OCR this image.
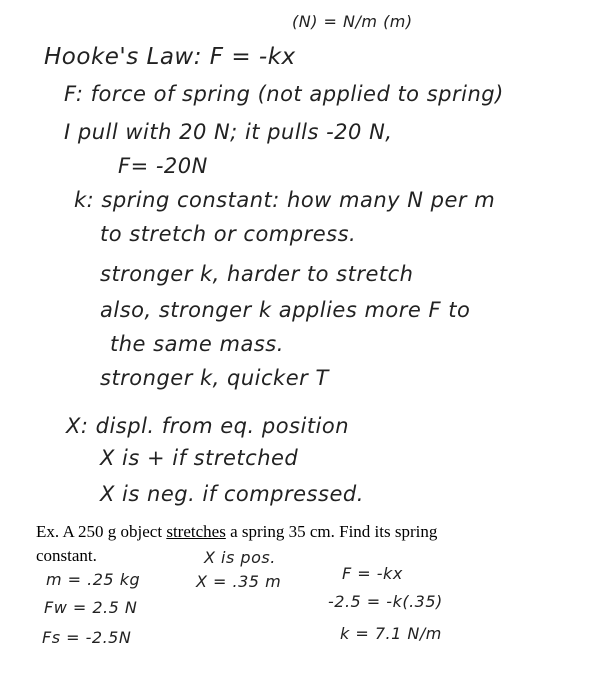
(N) = N/m (m)
Hooke's Law: F = -kx
F: force of spring (not applied to spring)
I pull with 20 N; it pulls -20 N,
F= -20N
k: spring constant: how many N per m
to stretch or compress.
stronger k, harder to stretch
also, stronger k applies more F to
the same mass.
stronger k, quicker T
X: displ. from eq. position
X is + if stretched
X is neg. if compressed.
Ex. A 250 g object stretches a spring 35 cm. Find its spring
constant.	X is pos.
X = .35 m
m = .25 kg
Fw = 2.5 N
Fs = -2.5N
F = -kx
-2.5 = -k(.35)
k = 7.1 N/m
